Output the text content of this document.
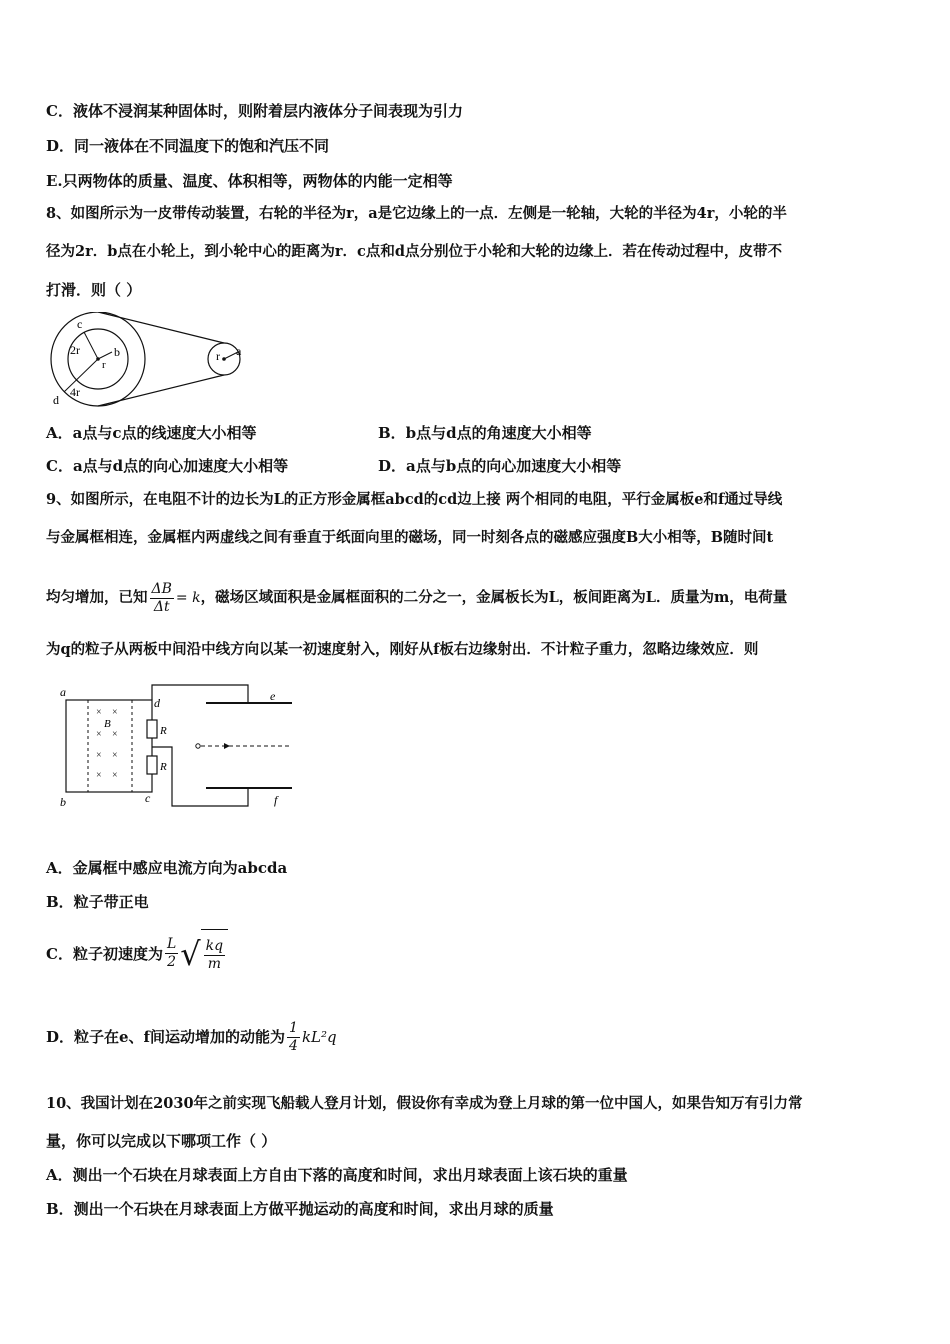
C．液体不浸润某种固体时，则附着层内液体分子间表现为引力
D．同一液体在不同温度下的饱和汽压不同
E.只两物体的质量、温度、体积相等，两物体的内能一定相等
8、如图所示为一皮带传动装置，右轮的半径为r，a是它边缘上的一点．左侧是一轮轴，大轮的半径为4r，小轮的半
径为2r．b点在小轮上，到小轮中心的距离为r．c点和d点分别位于小轮和大轮的边缘上．若在传动过程中，皮带不
打滑．则（ ）
c
2r	b
r
d
4r
r a
A．a点与c点的线速度大小相等	B．b点与d点的角速度大小相等
C．a点与d点的向心加速度大小相等	D．a点与b点的向心加速度大小相等
9、如图所示，在电阻不计的边长为L的正方形金属框abcd的cd边上接 两个相同的电阻，平行金属板e和f通过导线
与金属框相连，金属框内两虚线之间有垂直于纸面向里的磁场，同一时刻各点的磁感应强度B大小相等，B随时间t
均匀增加，已知 $\frac{\Delta B}{\Delta t} = k$ ，磁场区域面积是金属框面积的二分之一，金属板长为L，板间距离为L．质量为m，电荷量
为q的粒子从两板中间沿中线方向以某一初速度射入，刚好从f板右边缘射出．不计粒子重力，忽略边缘效应．则
× ×
× ×
× ×
× ×
B
R
R
a
b	c
d	e
f
A．金属框中感应电流方向为abcda
B．粒子带正电
C．粒子初速度为 $\frac{L}{2}$ √ $\frac{kq}{m}$
D．粒子在e、f间运动增加的动能为 $\frac{1}{4} kL^2q$
10、我国计划在2030年之前实现飞船载人登月计划，假设你有幸成为登上月球的第一位中国人，如果告知万有引力常
量，你可以完成以下哪项工作（ ）
A．测出一个石块在月球表面上方自由下落的高度和时间，求出月球表面上该石块的重量
B．测出一个石块在月球表面上方做平抛运动的高度和时间，求出月球的质量
